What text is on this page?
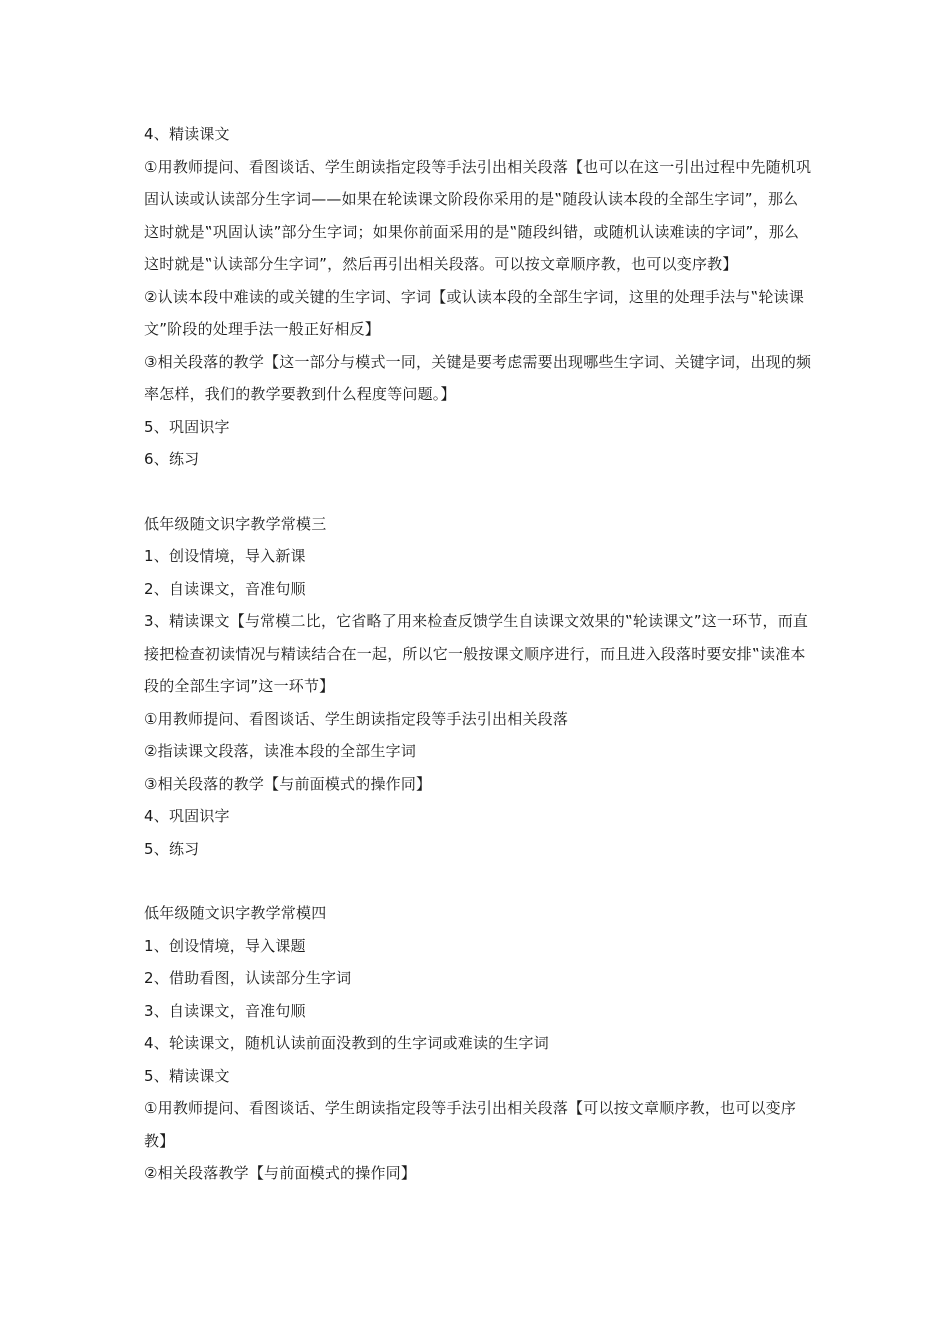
4、精读课文

①用教师提问、看图谈话、学生朗读指定段等手法引出相关段落【也可以在这一引出过程中先随机巩固认读或认读部分生字词——如果在轮读课文阶段你采用的是‟随段认读本段的全部生字词”，那么这时就是‟巩固认读”部分生字词；如果你前面采用的是‟随段纠错，或随机认读难读的字词”，那么这时就是‟认读部分生字词”，然后再引出相关段落。可以按文章顺序教，也可以变序教】

②认读本段中难读的或关键的生字词、字词【或认读本段的全部生字词，这里的处理手法与‟轮读课文”阶段的处理手法一般正好相反】

③相关段落的教学【这一部分与模式一同，关键是要考虑需要出现哪些生字词、关键字词，出现的频率怎样，我们的教学要教到什么程度等问题。】

5、巩固识字

6、练习

低年级随文识字教学常模三

1、创设情境，导入新课

2、自读课文，音准句顺

3、精读课文【与常模二比，它省略了用来检查反馈学生自读课文效果的‟轮读课文”这一环节，而直接把检查初读情况与精读结合在一起，所以它一般按课文顺序进行，而且进入段落时要安排‟读准本段的全部生字词”这一环节】

①用教师提问、看图谈话、学生朗读指定段等手法引出相关段落

②指读课文段落，读准本段的全部生字词

③相关段落的教学【与前面模式的操作同】

4、巩固识字

5、练习

低年级随文识字教学常模四

1、创设情境，导入课题

2、借助看图，认读部分生字词

3、自读课文，音准句顺

4、轮读课文，随机认读前面没教到的生字词或难读的生字词

5、精读课文

①用教师提问、看图谈话、学生朗读指定段等手法引出相关段落【可以按文章顺序教，也可以变序教】

②相关段落教学【与前面模式的操作同】
